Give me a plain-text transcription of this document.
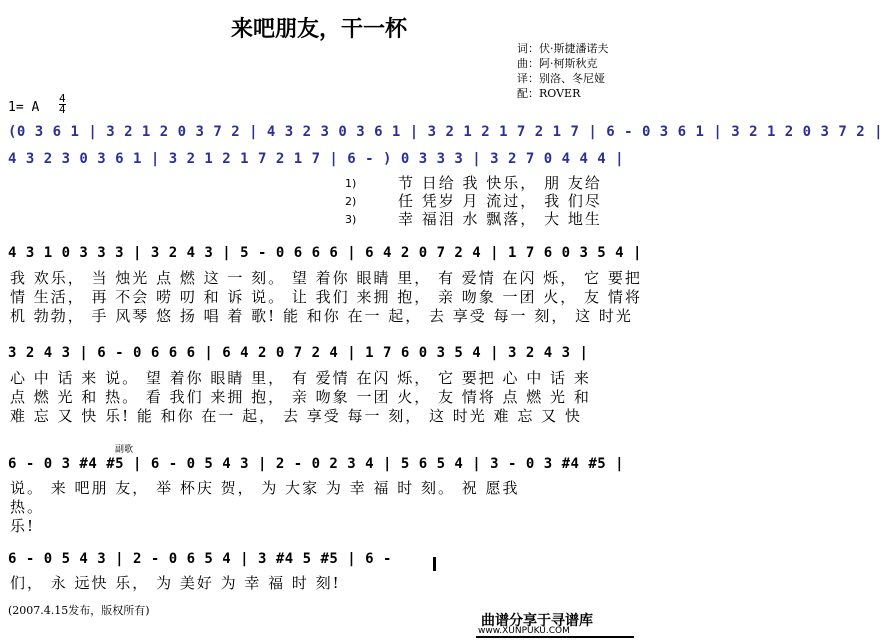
来吧朋友，干一杯
词：伏·斯捷潘诺夫
曲：阿·柯斯秋克
译：别洛、冬尼娅
配：ROVER
1= A
4
4
(0 3 6 1 | 3 2 1 2 0 3 7 2 | 4 3 2 3 0 3 6 1 | 3 2 1 2 1 7 2 1 7 | 6 - 0 3 6 1 | 3 2 1 2 0 3 7 2 |
4 3 2 3 0 3 6 1 | 3 2 1 2 1 7 2 1 7 | 6 - ) 0 3 3 3 | 3 2 7 0 4 4 4 |
1)
2)
3)
节 日给 我 快乐， 朋 友给
任 凭岁 月 流过， 我 们尽
幸 福泪 水 飘落， 大 地生
4 3 1 0 3 3 3 | 3 2 4 3 | 5 - 0 6 6 6 | 6 4 2 0 7 2 4 | 1 7 6 0 3 5 4 |
我 欢乐， 当 烛光 点 燃 这 一 刻。 望 着你 眼睛 里， 有 爱情 在闪 烁， 它 要把
情 生活， 再 不会 唠 叨 和 诉 说。 让 我们 来拥 抱， 亲 吻象 一团 火， 友 情将
机 勃勃， 手 风琴 悠 扬 唱 着 歌! 能 和你 在一 起， 去 享受 每一 刻， 这 时光
3 2 4 3 | 6 - 0 6 6 6 | 6 4 2 0 7 2 4 | 1 7 6 0 3 5 4 | 3 2 4 3 |
心 中 话 来 说。 望 着你 眼睛 里， 有 爱情 在闪 烁， 它 要把 心 中 话 来
点 燃 光 和 热。 看 我们 来拥 抱， 亲 吻象 一团 火， 友 情将 点 燃 光 和
难 忘 又 快 乐! 能 和你 在一 起， 去 享受 每一 刻， 这 时光 难 忘 又 快
副歌
6 - 0 3 #4 #5 | 6 - 0 5 4 3 | 2 - 0 2 3 4 | 5 6 5 4 | 3 - 0 3 #4 #5 |
说。 来 吧朋 友， 举 杯庆 贺， 为 大家 为 幸 福 时 刻。 祝 愿我
热。
乐!
6 - 0 5 4 3 | 2 - 0 6 5 4 | 3 #4 5 #5 | 6 -
们， 永 远快 乐， 为 美好 为 幸 福 时 刻!
(2007.4.15发布，版权所有)
曲谱分享于寻谱库
www.XUNPUKU.COM
